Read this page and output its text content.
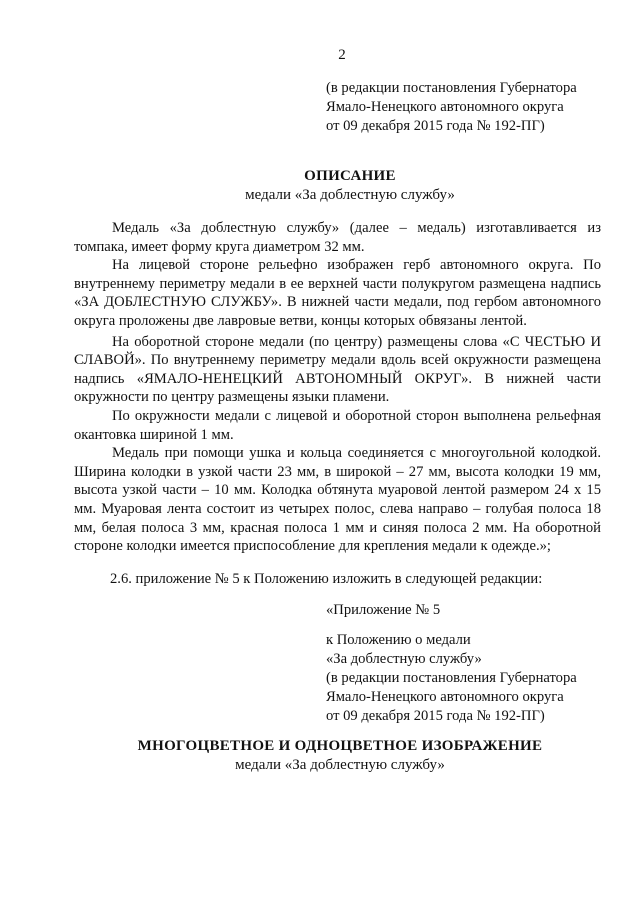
2
(в редакции постановления Губернатора
Ямало-Ненецкого автономного округа
от 09 декабря 2015 года № 192-ПГ)
ОПИСАНИЕ
медали «За доблестную службу»

Медаль «За доблестную службу» (далее – медаль) изготавливается из томпака, имеет форму круга диаметром 32 мм.

На лицевой стороне рельефно изображен герб автономного округа. По внутреннему периметру медали в ее верхней части полукругом размещена надпись «ЗА ДОБЛЕСТНУЮ СЛУЖБУ». В нижней части медали, под гербом автономного округа проложены две лавровые ветви, концы которых обвязаны лентой.

На оборотной стороне медали (по центру) размещены слова «С ЧЕСТЬЮ И СЛАВОЙ». По внутреннему периметру медали вдоль всей окружности размещена надпись «ЯМАЛО-НЕНЕЦКИЙ АВТОНОМНЫЙ ОКРУГ». В нижней части окружности по центру размещены языки пламени.

По окружности медали с лицевой и оборотной сторон выполнена рельефная окантовка шириной 1 мм.

Медаль при помощи ушка и кольца соединяется с многоугольной колодкой. Ширина колодки в узкой части 23 мм, в широкой – 27 мм, высота колодки 19 мм, высота узкой части – 10 мм. Колодка обтянута муаровой лентой размером 24 х 15 мм. Муаровая лента состоит из четырех полос, слева направо – голубая полоса 18 мм, белая полоса 3 мм, красная полоса 1 мм и синяя полоса 2 мм. На оборотной стороне колодки имеется приспособление для крепления медали к одежде.»;

2.6. приложение № 5 к Положению изложить в следующей редакции:
«Приложение № 5
к Положению о медали
«За доблестную службу»
(в редакции постановления Губернатора
Ямало-Ненецкого автономного округа
от 09 декабря 2015 года № 192-ПГ)
МНОГОЦВЕТНОЕ И ОДНОЦВЕТНОЕ ИЗОБРАЖЕНИЕ
медали «За доблестную службу»
